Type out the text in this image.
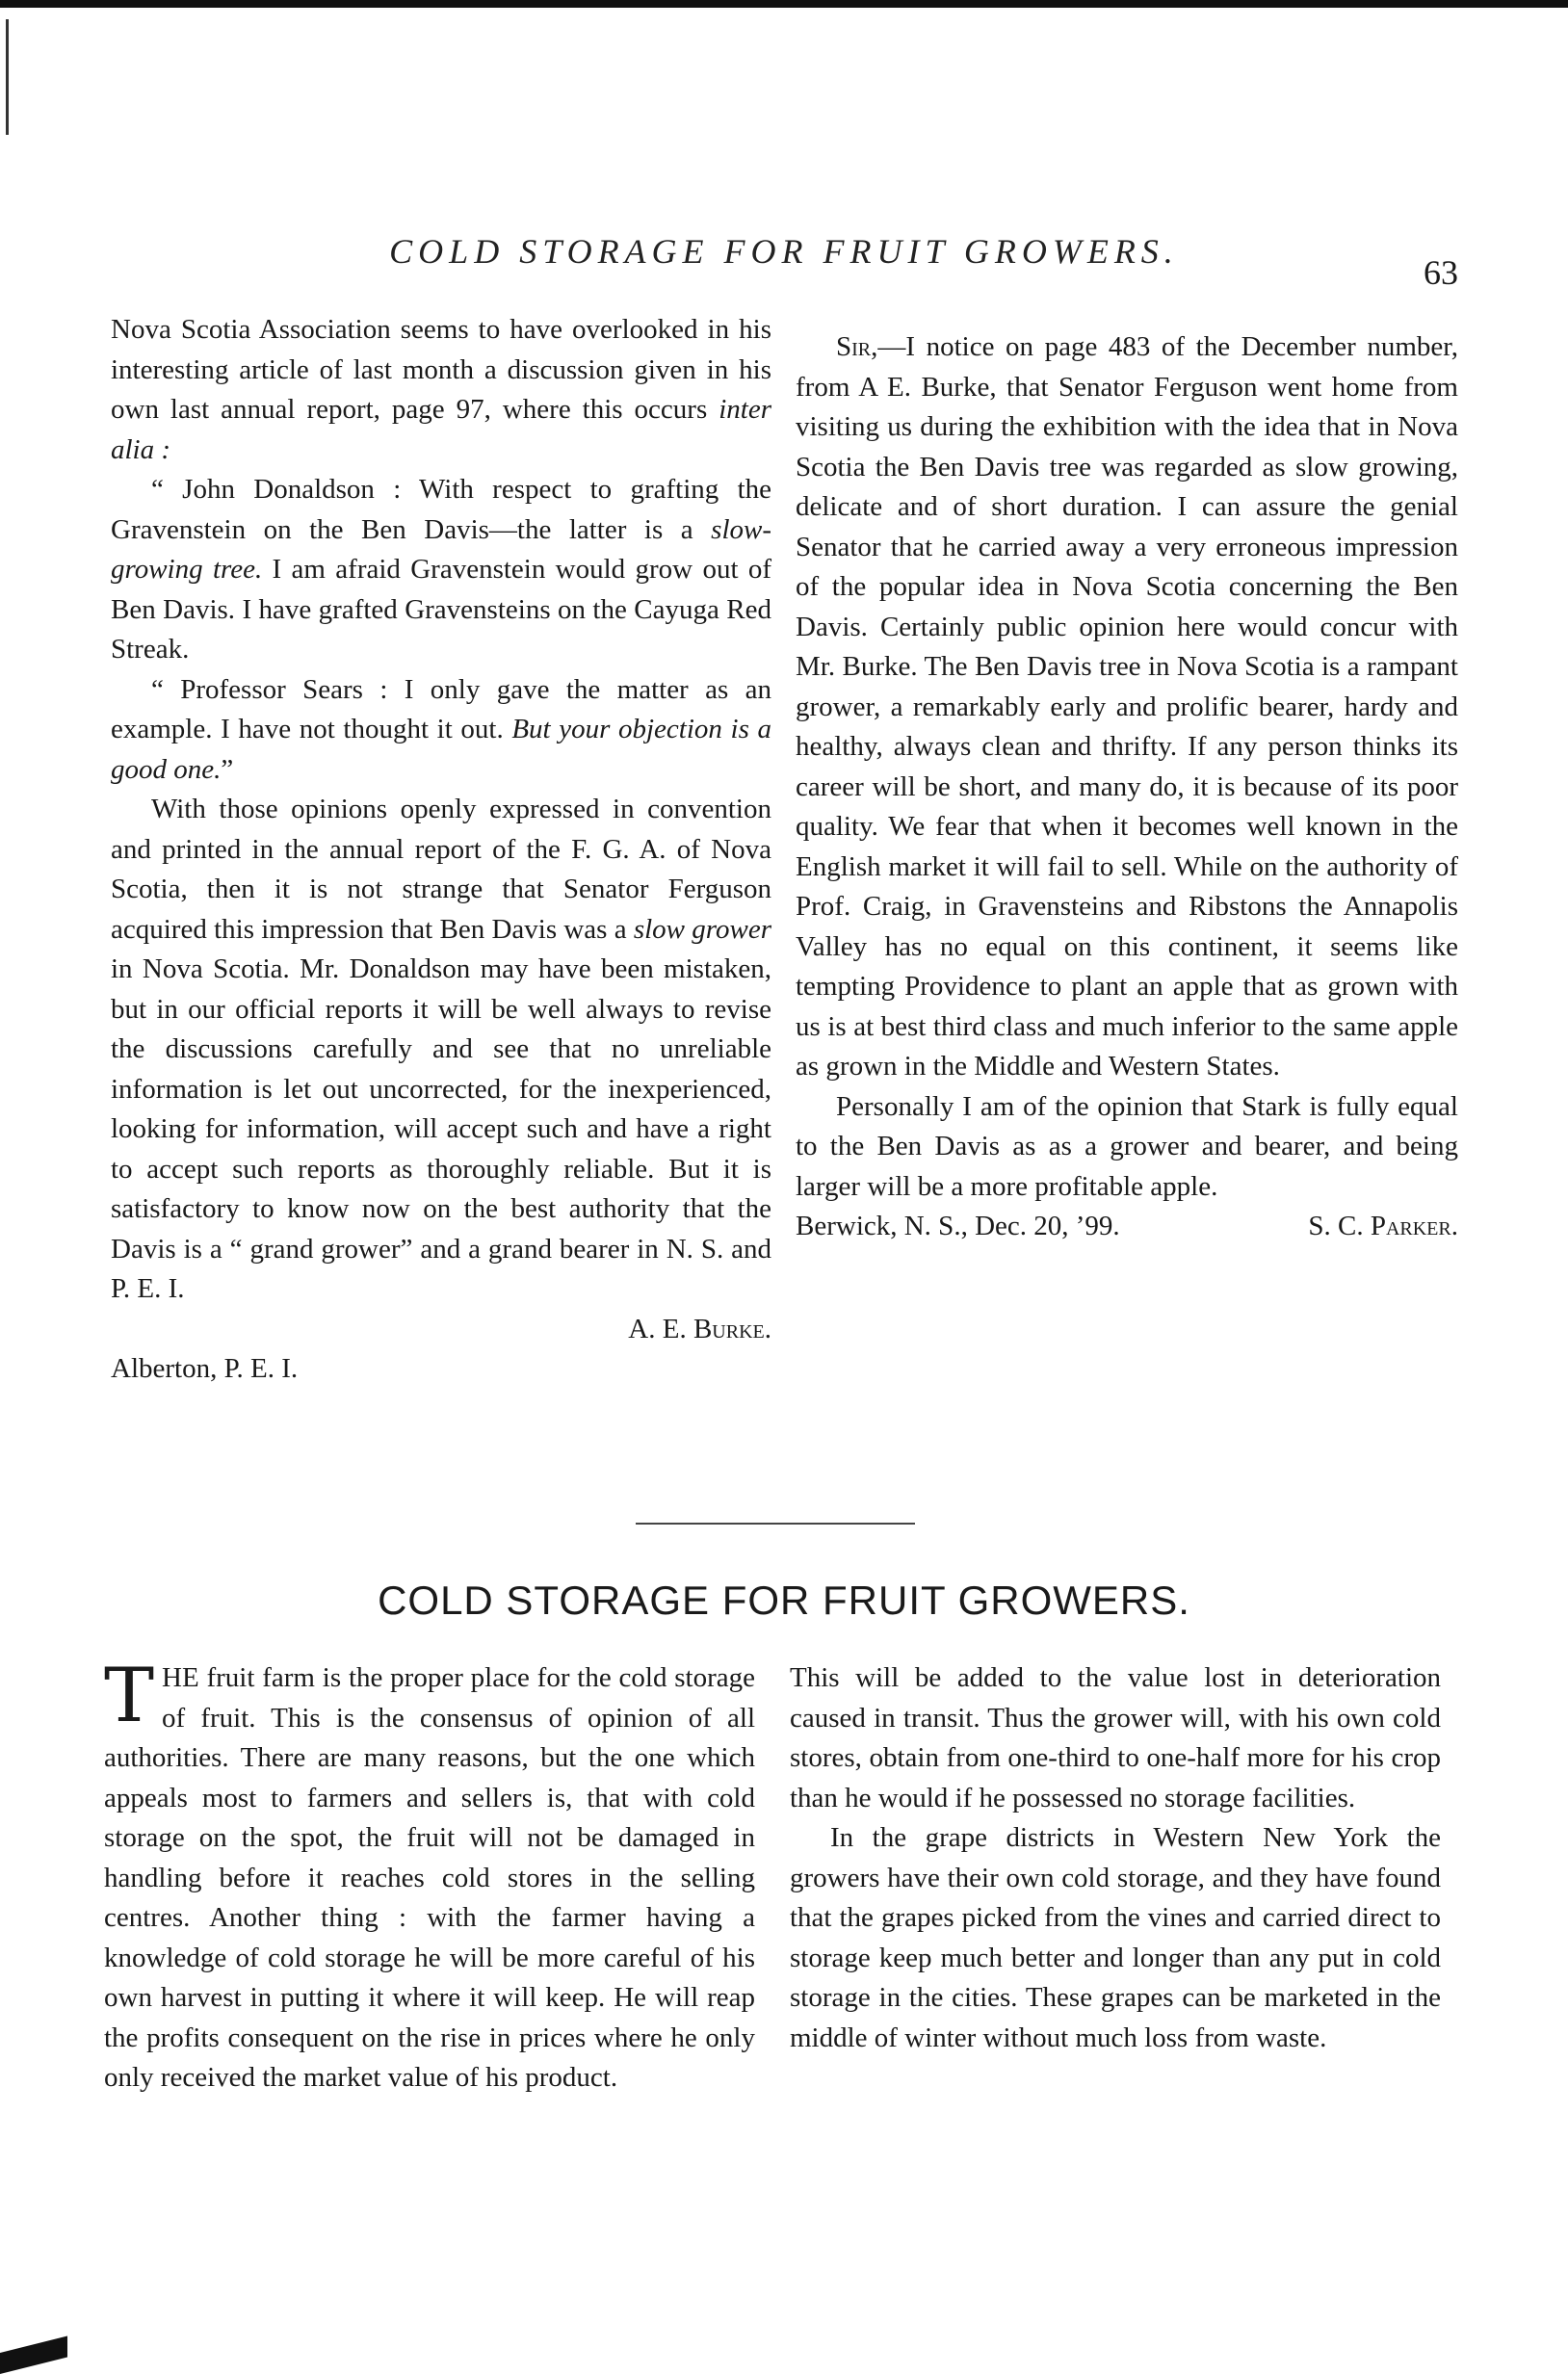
COLD STORAGE FOR FRUIT GROWERS.
63

Nova Scotia Association seems to have overlooked in his interesting article of last month a discussion given in his own last annual report, page 97, where this occurs inter alia :

“ John Donaldson : With respect to grafting the Gravenstein on the Ben Davis—the latter is a slow-growing tree. I am afraid Gravenstein would grow out of Ben Davis. I have grafted Gravensteins on the Cayuga Red Streak.

“ Professor Sears : I only gave the matter as an example. I have not thought it out. But your objection is a good one.”

With those opinions openly expressed in convention and printed in the annual report of the F. G. A. of Nova Scotia, then it is not strange that Senator Ferguson acquired this impression that Ben Davis was a slow grower in Nova Scotia. Mr. Donaldson may have been mistaken, but in our official reports it will be well always to revise the discussions carefully and see that no unreliable information is let out uncorrected, for the inexperienced, looking for information, will accept such and have a right to accept such reports as thoroughly reliable. But it is satisfactory to know now on the best authority that the Davis is a “ grand grower” and a grand bearer in N. S. and P. E. I.

A. E. Burke.

Alberton, P. E. I.

Sir,—I notice on page 483 of the December number, from A E. Burke, that Senator Ferguson went home from visiting us during the exhibition with the idea that in Nova Scotia the Ben Davis tree was regarded as slow growing, delicate and of short duration. I can assure the genial Senator that he carried away a very erroneous impression of the popular idea in Nova Scotia concerning the Ben Davis. Certainly public opinion here would concur with Mr. Burke. The Ben Davis tree in Nova Scotia is a rampant grower, a remarkably early and prolific bearer, hardy and healthy, always clean and thrifty. If any person thinks its career will be short, and many do, it is because of its poor quality. We fear that when it becomes well known in the English market it will fail to sell. While on the authority of Prof. Craig, in Gravensteins and Ribstons the Annapolis Valley has no equal on this continent, it seems like tempting Providence to plant an apple that as grown with us is at best third class and much inferior to the same apple as grown in the Middle and Western States.

Personally I am of the opinion that Stark is fully equal to the Ben Davis as as a grower and bearer, and being larger will be a more profitable apple.

Berwick, N. S., Dec. 20, ’99.	S. C. Parker.

COLD STORAGE FOR FRUIT GROWERS.

THE fruit farm is the proper place for the cold storage of fruit. This is the consensus of opinion of all authorities. There are many reasons, but the one which appeals most to farmers and sellers is, that with cold storage on the spot, the fruit will not be damaged in handling before it reaches cold stores in the selling centres. Another thing : with the farmer having a knowledge of cold storage he will be more careful of his own harvest in putting it where it will keep. He will reap the profits consequent on the rise in prices where he only only received the market value of his product.

This will be added to the value lost in deterioration caused in transit. Thus the grower will, with his own cold stores, obtain from one-third to one-half more for his crop than he would if he possessed no storage facilities.

In the grape districts in Western New York the growers have their own cold storage, and they have found that the grapes picked from the vines and carried direct to storage keep much better and longer than any put in cold storage in the cities. These grapes can be marketed in the middle of winter without much loss from waste.
